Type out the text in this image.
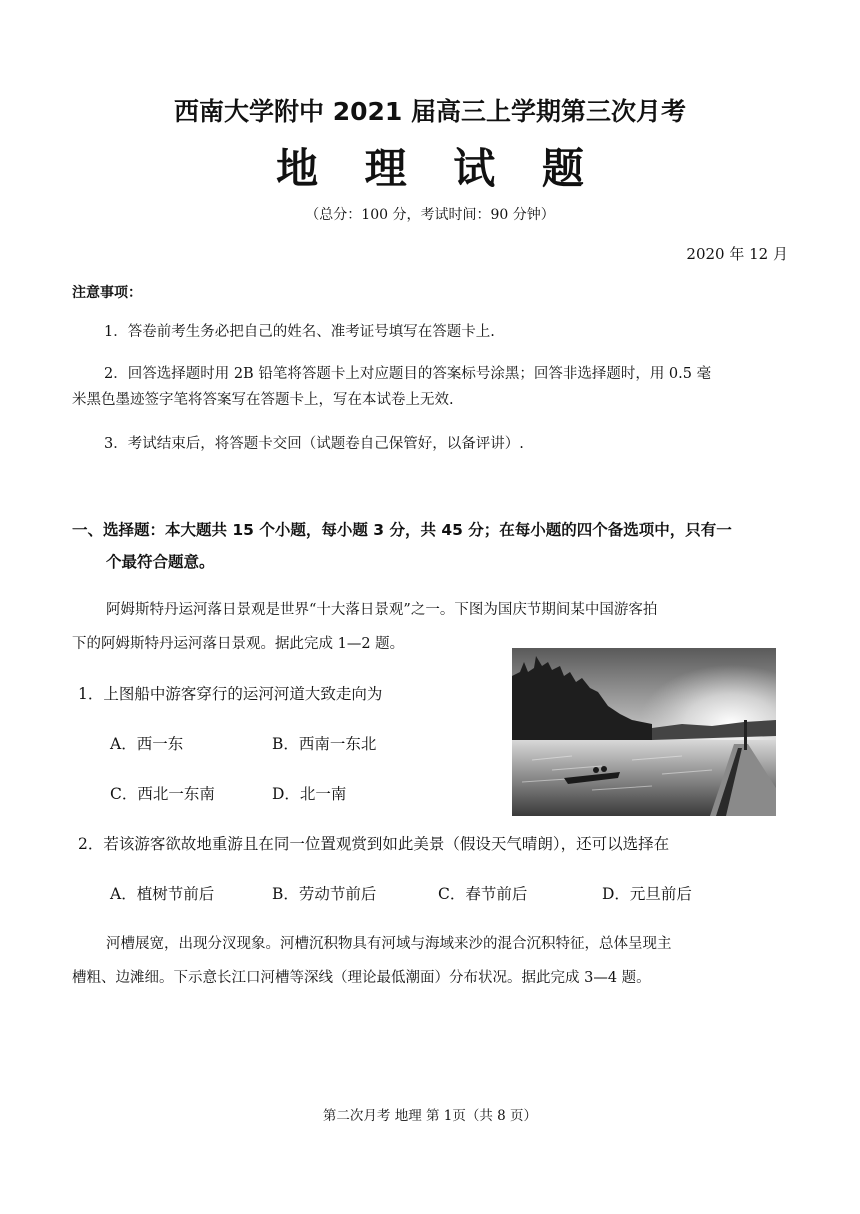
西南大学附中 2021 届高三上学期第三次月考
地 理 试 题
（总分：100 分，考试时间：90 分钟）
2020 年 12 月
注意事项：
1．答卷前考生务必把自己的姓名、准考证号填写在答题卡上.
2．回答选择题时用 2B 铅笔将答题卡上对应题目的答案标号涂黑；回答非选择题时，用 0.5 毫
米黑色墨迹签字笔将答案写在答题卡上，写在本试卷上无效.
3．考试结束后，将答题卡交回（试题卷自己保管好，以备评讲）.
一、选择题：本大题共 15 个小题，每小题 3 分，共 45 分；在每小题的四个备选项中，只有一
个最符合题意。
阿姆斯特丹运河落日景观是世界“十大落日景观”之一。下图为国庆节期间某中国游客拍
下的阿姆斯特丹运河落日景观。据此完成 1—2 题。
1．上图船中游客穿行的运河河道大致走向为
A．西一东	B．西南一东北
C．西北一东南	D．北一南
2．若该游客欲故地重游且在同一位置观赏到如此美景（假设天气晴朗），还可以选择在
A．植树节前后	B．劳动节前后	C．春节前后	D．元旦前后
河槽展宽，出现分汊现象。河槽沉积物具有河域与海域来沙的混合沉积特征，总体呈现主
槽粗、边滩细。下示意长江口河槽等深线（理论最低潮面）分布状况。据此完成 3—4 题。
第二次月考 地理 第 1页（共 8 页）
